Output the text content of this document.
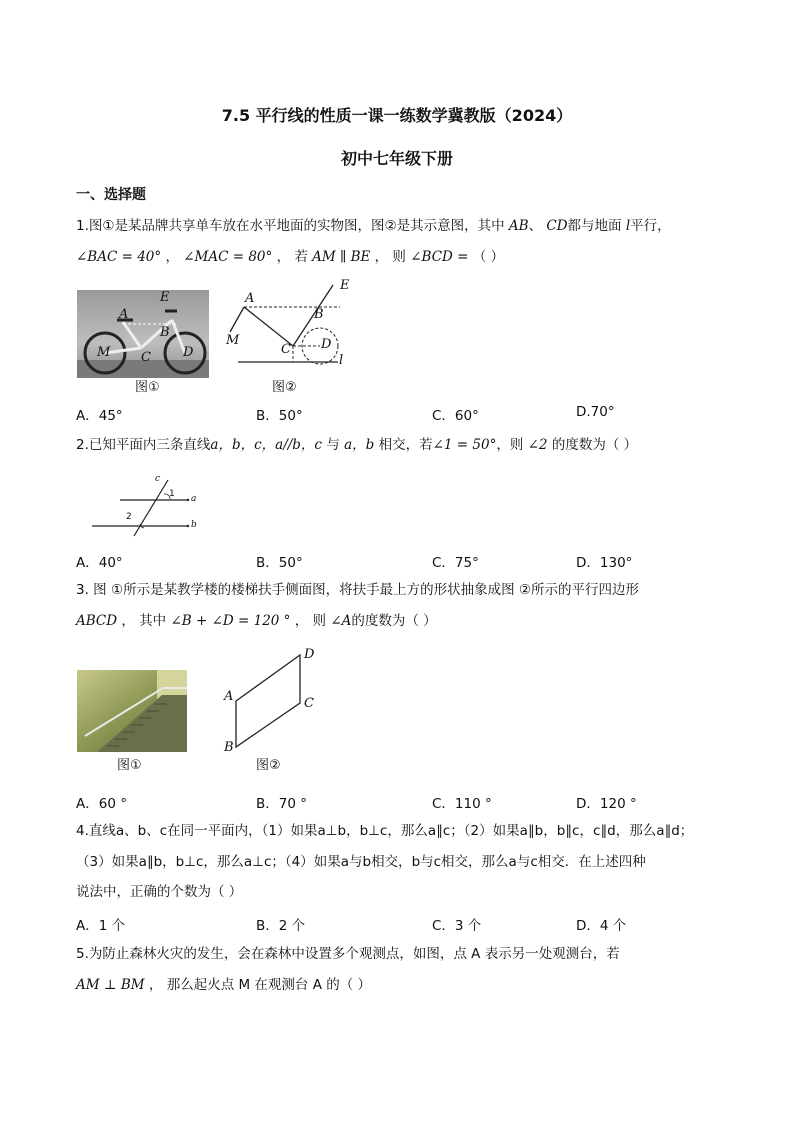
7.5 平行线的性质一课一练数学冀教版（2024）
初中七年级下册
一、选择题
1.图①是某品牌共享单车放在水平地面的实物图，图②是其示意图，其中 AB、 CD都与地面 l平行，
∠BAC = 40° ， ∠MAC = 80° ， 若 AM ∥ BE ， 则 ∠BCD = （ ）
E
A
B
M C D
图①
A
E
B
M
C D
l
图②
A．45°	B．50°	C．60°	D.70°
2.已知平面内三条直线a，b，c，a//b，c 与 a，b 相交，若∠1 = 50°，则 ∠2 的度数为（ ）
c
1 a
2
b
A．40°	B．50°	C．75°	D．130°
3. 图 ①所示是某教学楼的楼梯扶手侧面图，将扶手最上方的形状抽象成图 ②所示的平行四边形
ABCD ， 其中 ∠B + ∠D = 120 ° ， 则 ∠A的度数为（ ）
图①
A
B
C
D
图②
A．60 °	B．70 °	C．110 °	D．120 °
4.直线a、b、c在同一平面内，（1）如果a⊥b，b⊥c，那么a∥c；（2）如果a∥b，b∥c，c∥d，那么a∥d；
（3）如果a∥b，b⊥c，那么a⊥c；（4）如果a与b相交，b与c相交，那么a与c相交．在上述四种
说法中，正确的个数为（ ）
A．1 个	B．2 个	C．3 个	D．4 个
5.为防止森林火灾的发生，会在森林中设置多个观测点，如图，点 A 表示另一处观测台，若
AM ⊥ BM ， 那么起火点 M 在观测台 A 的（ ）
